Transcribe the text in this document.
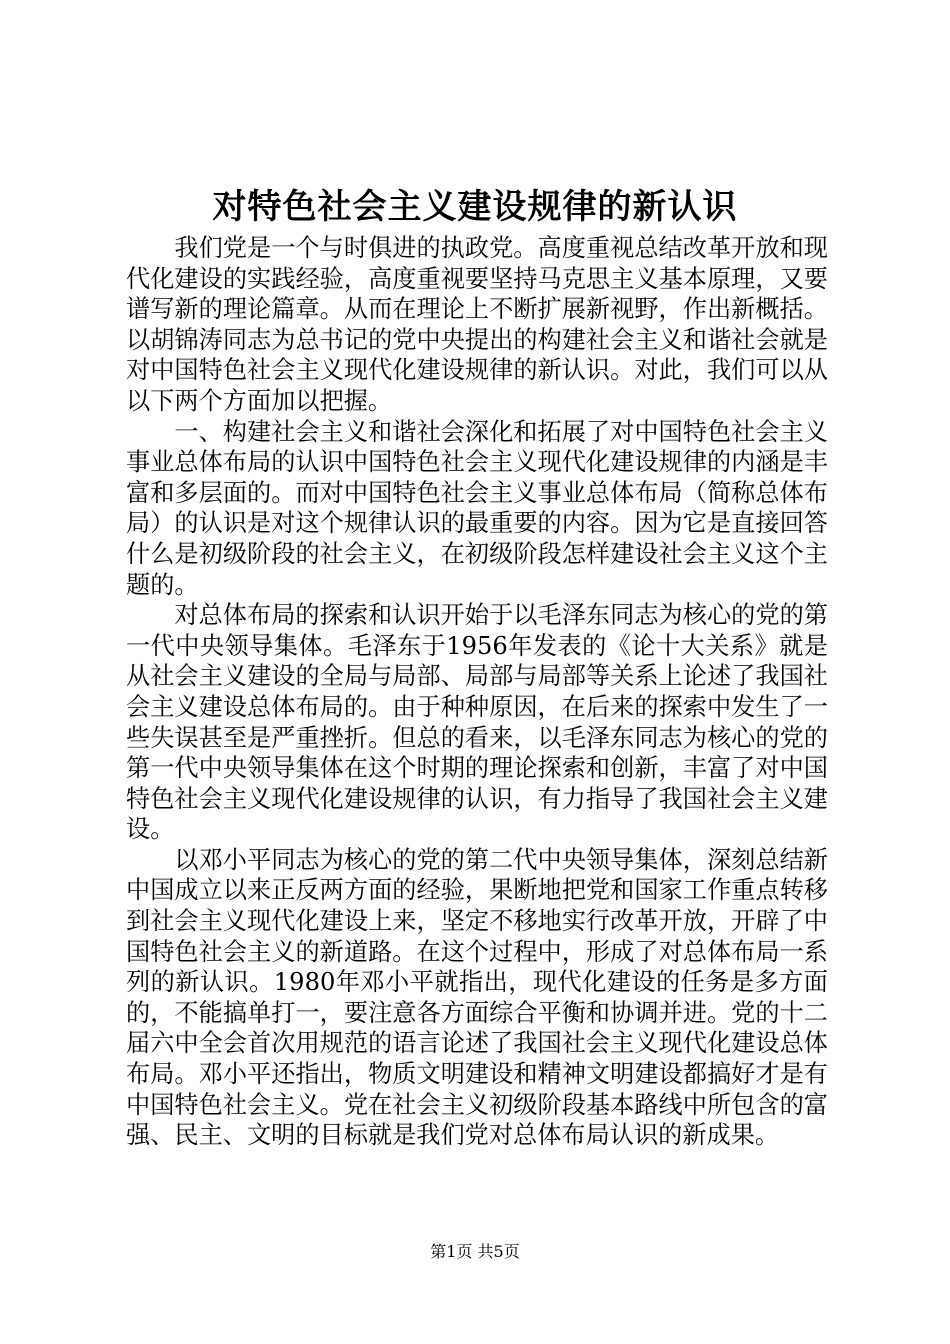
对特色社会主义建设规律的新认识

我们党是一个与时俱进的执政党。高度重视总结改革开放和现代化建设的实践经验，高度重视要坚持马克思主义基本原理，又要谱写新的理论篇章。从而在理论上不断扩展新视野，作出新概括。以胡锦涛同志为总书记的党中央提出的构建社会主义和谐社会就是对中国特色社会主义现代化建设规律的新认识。对此，我们可以从以下两个方面加以把握。

一、构建社会主义和谐社会深化和拓展了对中国特色社会主义事业总体布局的认识中国特色社会主义现代化建设规律的内涵是丰富和多层面的。而对中国特色社会主义事业总体布局（简称总体布局）的认识是对这个规律认识的最重要的内容。因为它是直接回答什么是初级阶段的社会主义，在初级阶段怎样建设社会主义这个主题的。

对总体布局的探索和认识开始于以毛泽东同志为核心的党的第一代中央领导集体。毛泽东于1956年发表的《论十大关系》就是从社会主义建设的全局与局部、局部与局部等关系上论述了我国社会主义建设总体布局的。由于种种原因，在后来的探索中发生了一些失误甚至是严重挫折。但总的看来，以毛泽东同志为核心的党的第一代中央领导集体在这个时期的理论探索和创新，丰富了对中国特色社会主义现代化建设规律的认识，有力指导了我国社会主义建设。

以邓小平同志为核心的党的第二代中央领导集体，深刻总结新中国成立以来正反两方面的经验，果断地把党和国家工作重点转移到社会主义现代化建设上来，坚定不移地实行改革开放，开辟了中国特色社会主义的新道路。在这个过程中，形成了对总体布局一系列的新认识。1980年邓小平就指出，现代化建设的任务是多方面的，不能搞单打一，要注意各方面综合平衡和协调并进。党的十二届六中全会首次用规范的语言论述了我国社会主义现代化建设总体布局。邓小平还指出，物质文明建设和精神文明建设都搞好才是有中国特色社会主义。党在社会主义初级阶段基本路线中所包含的富强、民主、文明的目标就是我们党对总体布局认识的新成果。

第1页 共5页
